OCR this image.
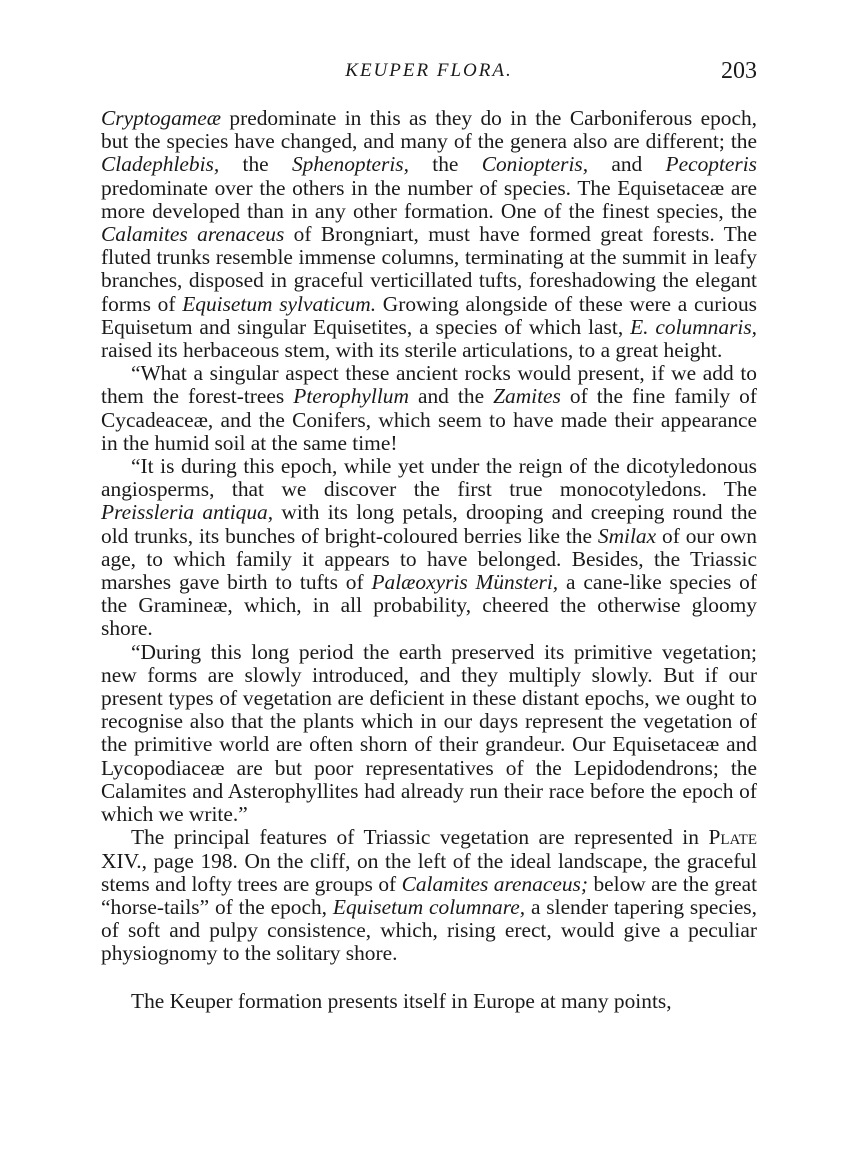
KEUPER FLORA.	203

Cryptogameæ predominate in this as they do in the Carboniferous epoch, but the species have changed, and many of the genera also are different; the Cladephlebis, the Sphenopteris, the Coniopteris, and Pecopteris predominate over the others in the number of species. The Equisetaceæ are more developed than in any other formation. One of the finest species, the Calamites arenaceus of Brongniart, must have formed great forests. The fluted trunks resemble immense columns, terminating at the summit in leafy branches, disposed in graceful verticillated tufts, foreshadowing the elegant forms of Equisetum sylvaticum. Growing alongside of these were a curious Equisetum and singular Equisetites, a species of which last, E. columnaris, raised its herbaceous stem, with its sterile articulations, to a great height.

“What a singular aspect these ancient rocks would present, if we add to them the forest-trees Pterophyllum and the Zamites of the fine family of Cycadeaceæ, and the Conifers, which seem to have made their appearance in the humid soil at the same time!

“It is during this epoch, while yet under the reign of the dicotyledonous angiosperms, that we discover the first true monocotyledons. The Preissleria antiqua, with its long petals, drooping and creeping round the old trunks, its bunches of bright-coloured berries like the Smilax of our own age, to which family it appears to have belonged. Besides, the Triassic marshes gave birth to tufts of Palæoxyris Münsteri, a cane-like species of the Gramineæ, which, in all probability, cheered the otherwise gloomy shore.

“During this long period the earth preserved its primitive vegetation; new forms are slowly introduced, and they multiply slowly. But if our present types of vegetation are deficient in these distant epochs, we ought to recognise also that the plants which in our days represent the vegetation of the primitive world are often shorn of their grandeur. Our Equisetaceæ and Lycopodiaceæ are but poor representatives of the Lepidodendrons; the Calamites and Asterophyllites had already run their race before the epoch of which we write.”

The principal features of Triassic vegetation are represented in Plate XIV., page 198. On the cliff, on the left of the ideal landscape, the graceful stems and lofty trees are groups of Calamites arenaceus; below are the great “horse-tails” of the epoch, Equisetum columnare, a slender tapering species, of soft and pulpy consistence, which, rising erect, would give a peculiar physiognomy to the solitary shore.

The Keuper formation presents itself in Europe at many points,
